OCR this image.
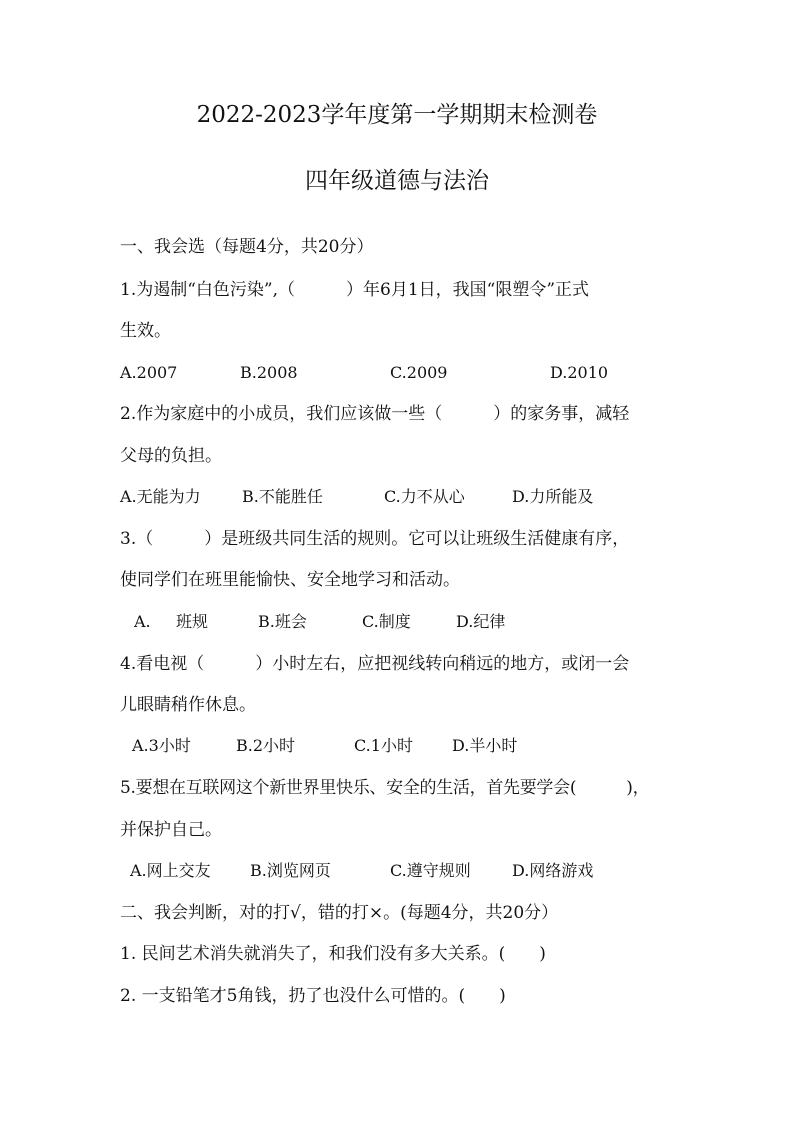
2022-2023学年度第一学期期末检测卷
四年级道德与法治
一、我会选（每题4分，共20分）
1.为遏制“白色污染”,（　　　）年6月1日，我国“限塑令”正式
生效。
A.2007	B.2008	C.2009	D.2010
2.作为家庭中的小成员，我们应该做一些（　　　）的家务事，减轻
父母的负担。
A.无能为力	B.不能胜任	C.力不从心	D.力所能及
3.（　　　）是班级共同生活的规则。它可以让班级生活健康有序，
使同学们在班里能愉快、安全地学习和活动。
A. 班规	B.班会	C.制度	D.纪律
4.看电视（　　　）小时左右，应把视线转向稍远的地方，或闭一会
儿眼睛稍作休息。
A.3小时	B.2小时	C.1小时 D.半小时
5.要想在互联网这个新世界里快乐、安全的生活，首先要学会(　　　)，
并保护自己。
A.网上交友 B.浏览网页	C.遵守规则	D.网络游戏
二、我会判断，对的打√，错的打×。(每题4分，共20分）
1. 民间艺术消失就消失了，和我们没有多大关系。(　　)
2. 一支铅笔才5角钱，扔了也没什么可惜的。(　　)
